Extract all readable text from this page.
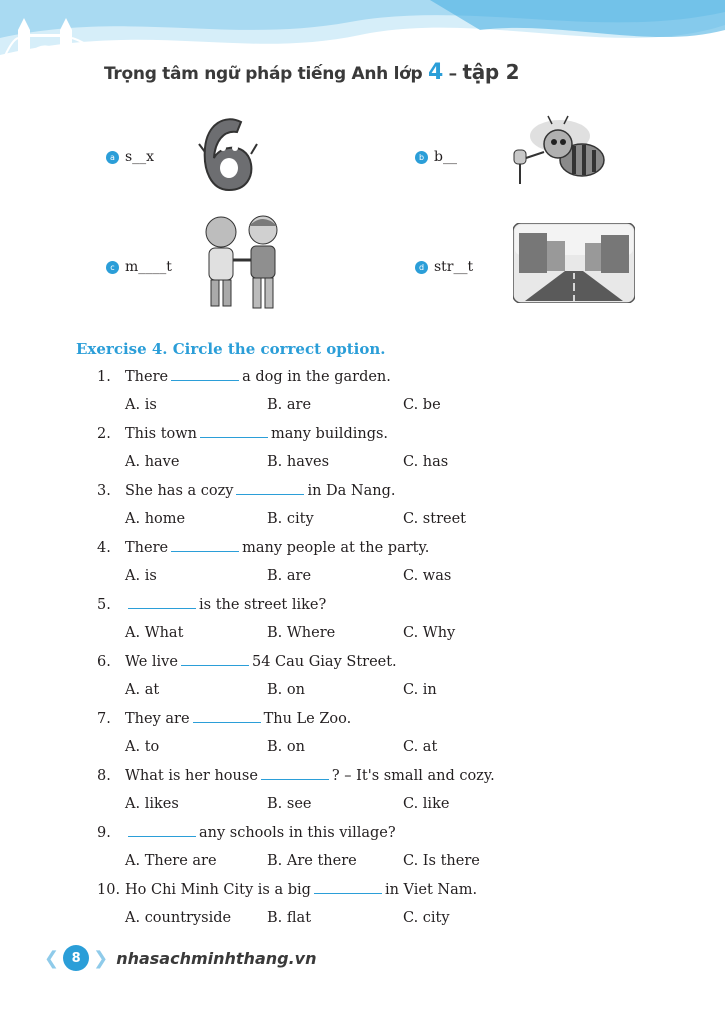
Trọng tâm ngữ pháp tiếng Anh lớp 4 – tập 2
a s__x	b b__
c m____t	d str__t
Exercise 4. Circle the correct option.
1. There	a dog in the garden.
A. is	B. are	C. be
2. This town	many buildings.
A. have	B. haves	C. has
3. She has a cozy	in Da Nang.
A. home	B. city	C. street
4. There	many people at the party.
A. is	B. are	C. was
5.	is the street like?
A. What	B. Where	C. Why
6. We live	54 Cau Giay Street.
A. at	B. on	C. in
7. They are	Thu Le Zoo.
A. to	B. on	C. at
8. What is her house	? – It's small and cozy.
A. likes	B. see	C. like
9.	any schools in this village?
A. There are	B. Are there	C. Is there
10. Ho Chi Minh City is a big	in Viet Nam.
A. countryside B. flat	C. city
❮ 8 ❯ nhasachminhthang.vn
